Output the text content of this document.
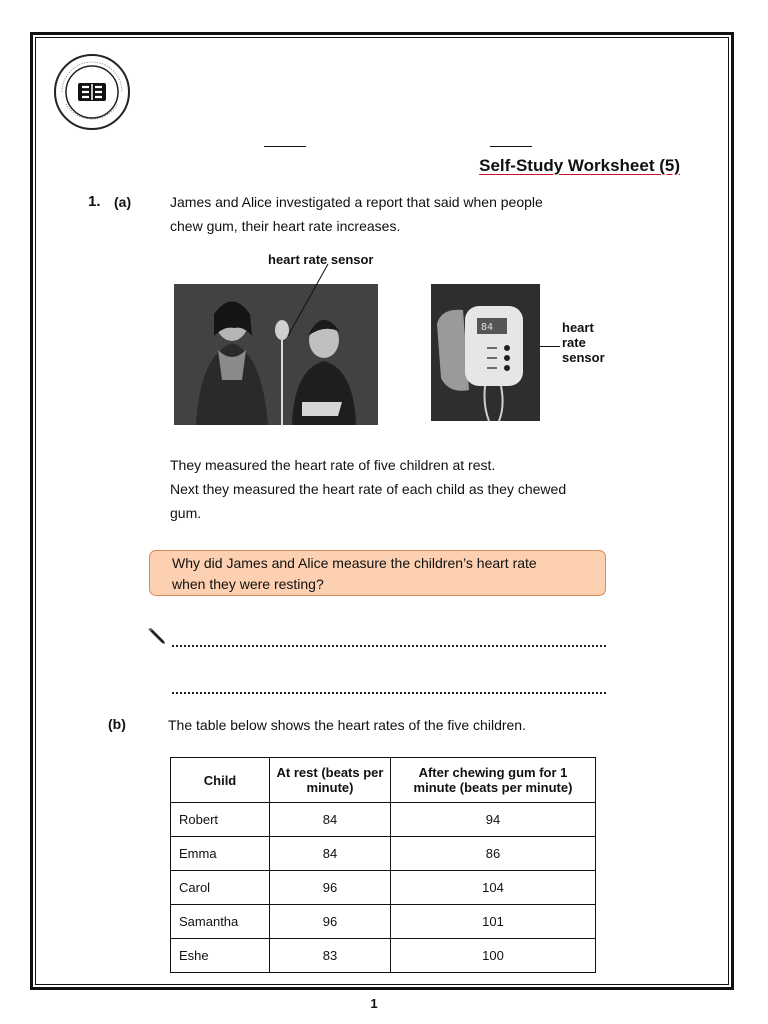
Self-Study Worksheet (5)
1. (a)	James and Alice investigated a report that said when people
chew gum, their heart rate increases.
heart rate sensor
84	heart
rate
sensor
They measured the heart rate of five children at rest.
Next they measured the heart rate of each child as they chewed
gum.
Why did James and Alice measure the children’s heart rate
when they were resting?
(b)	The table below shows the heart rates of the five children.
Child	At rest (beats per minute)	After chewing gum for 1 minute (beats per minute)
Robert	84	94
Emma	84	86
Carol	96	104
Samantha	96	101
Eshe	83	100
1
